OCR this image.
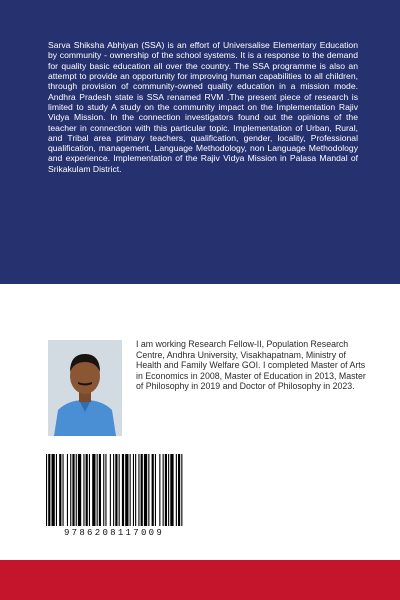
Sarva Shiksha Abhiyan (SSA) is an effort of Universalise Elementary Education by community - ownership of the school systems. It is a response to the demand for quality basic education all over the country. The SSA programme is also an attempt to provide an opportunity for improving human capabilities to all children, through provision of community-owned quality education in a mission mode. Andhra Pradesh state is SSA renamed RVM .The present piece of research is limited to study A study on the community impact on the Implementation Rajiv Vidya Mission. In the connection investigators found out the opinions of the teacher in connection with this particular topic. Implementation of Urban, Rural, and Tribal area primary teachers, qualification, gender, locality, Professional qualification, management, Language Methodology, non Language Methodology and experience. Implementation of the Rajiv Vidya Mission in Palasa Mandal of Srikakulam District.

I am working Research Fellow-II, Population Research Centre, Andhra University, Visakhapatnam, Ministry of Health and Family Welfare GOI. I completed Master of Arts in Economics in 2008, Master of Education in 2013, Master of Philosophy in 2019 and Doctor of Philosophy in 2023.

9786208117009
